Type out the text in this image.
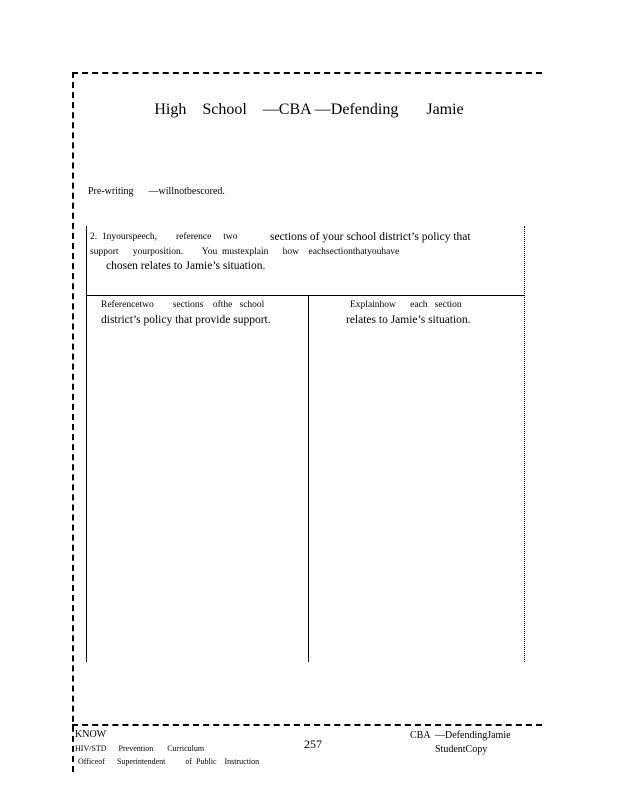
High    School    —CBA —Defending       Jamie
Pre-writing      —willnotbescored.
2.  1nyourspeech,        reference     two	sections of your school district’s policy that
support      yourposition.        You  mustexplain      how    eachsectionthatyouhave
chosen relates to Jamie’s situation.
Referencetwo        sections    ofthe   school
district’s policy that provide support.
Explainhow      each   section
relates to Jamie’s situation.
KNOW
HIV/STD      Prevention       Curriculum
Officeof      Superintendent          of  Public    Instruction
257
CBA  —DefendingJamie
StudentCopy
